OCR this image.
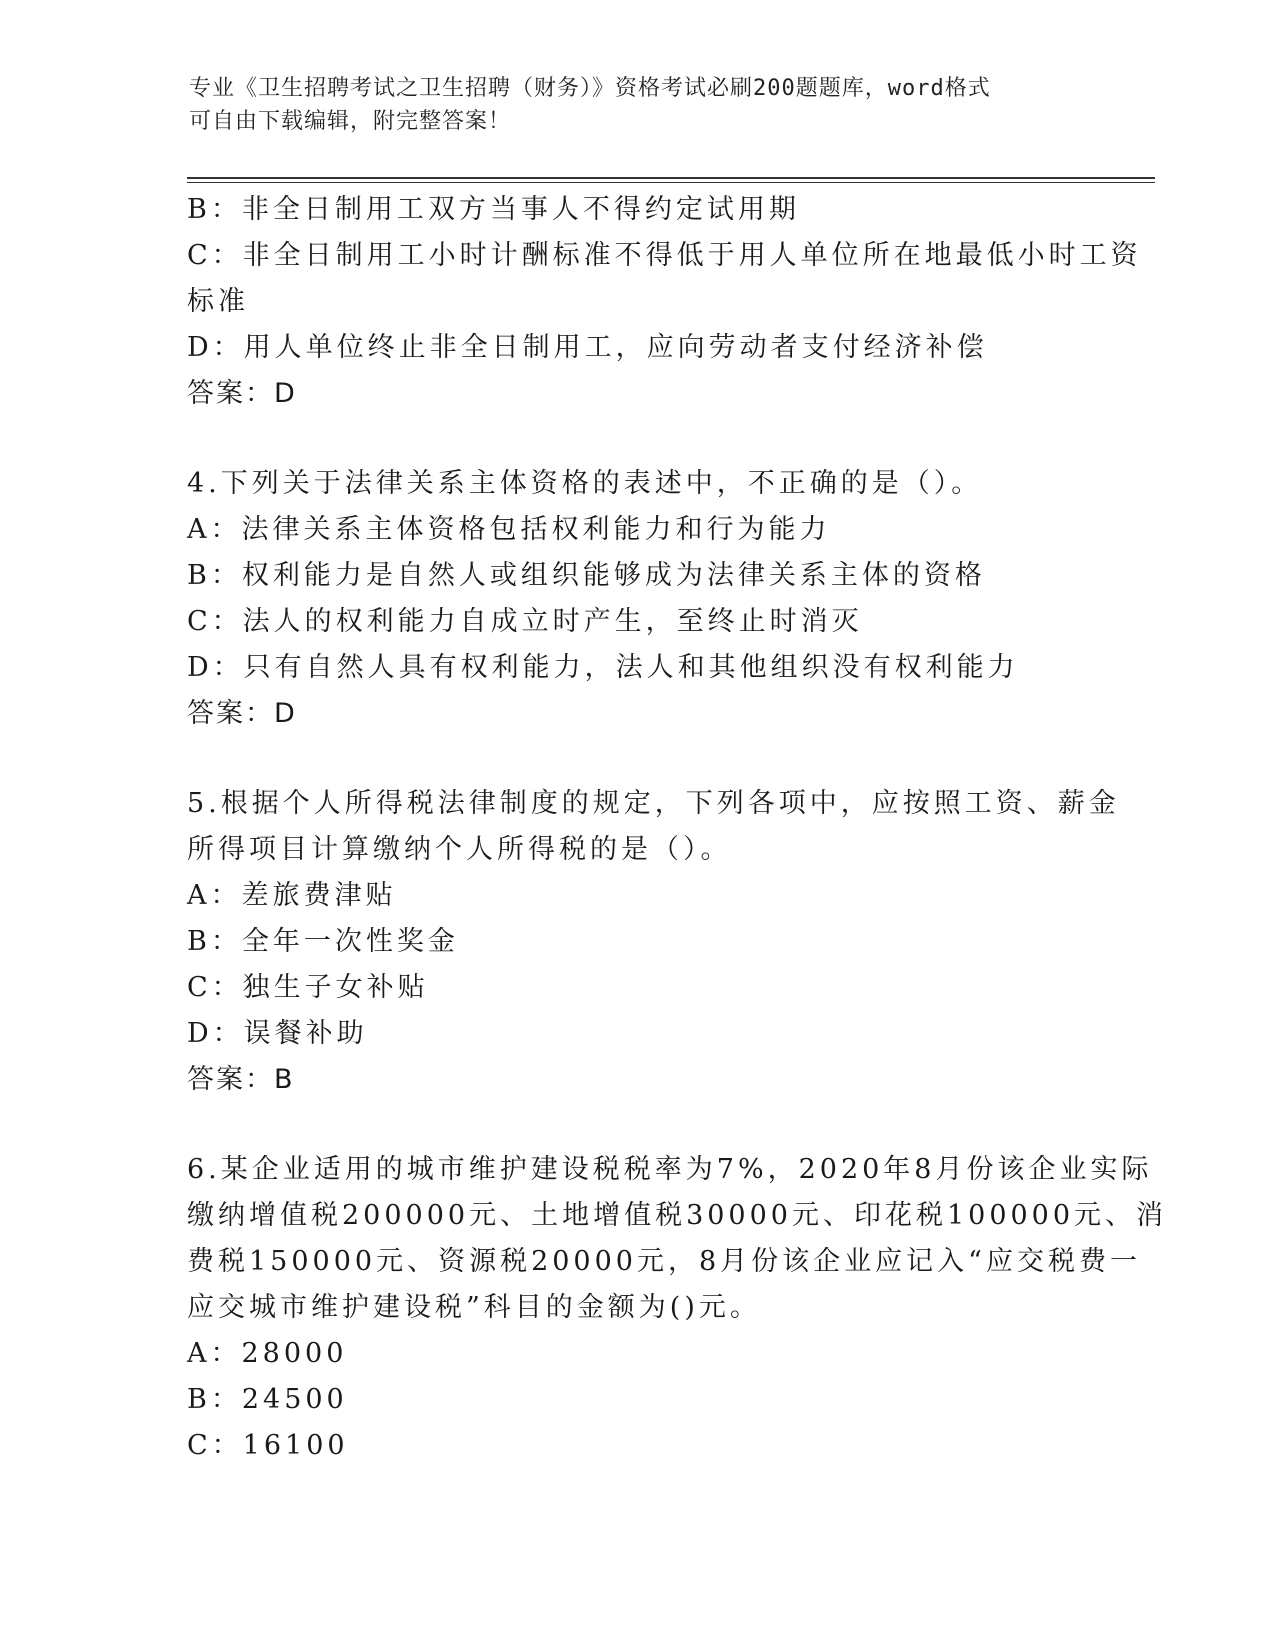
专业《卫生招聘考试之卫生招聘（财务）》资格考试必刷200题题库，word格式
可自由下载编辑，附完整答案！
B：非全日制用工双方当事人不得约定试用期
C：非全日制用工小时计酬标准不得低于用人单位所在地最低小时工资
标准
D：用人单位终止非全日制用工，应向劳动者支付经济补偿
答案：D
4.下列关于法律关系主体资格的表述中，不正确的是（）。
A：法律关系主体资格包括权利能力和行为能力
B：权利能力是自然人或组织能够成为法律关系主体的资格
C：法人的权利能力自成立时产生，至终止时消灭
D：只有自然人具有权利能力，法人和其他组织没有权利能力
答案：D
5.根据个人所得税法律制度的规定，下列各项中，应按照工资、薪金
所得项目计算缴纳个人所得税的是（）。
A：差旅费津贴
B：全年一次性奖金
C：独生子女补贴
D：误餐补助
答案：B
6.某企业适用的城市维护建设税税率为7%，2020年8月份该企业实际
缴纳增值税200000元、土地增值税30000元、印花税100000元、消
费税150000元、资源税20000元，8月份该企业应记入“应交税费一
应交城市维护建设税”科目的金额为()元。
A：28000
B：24500
C：16100
